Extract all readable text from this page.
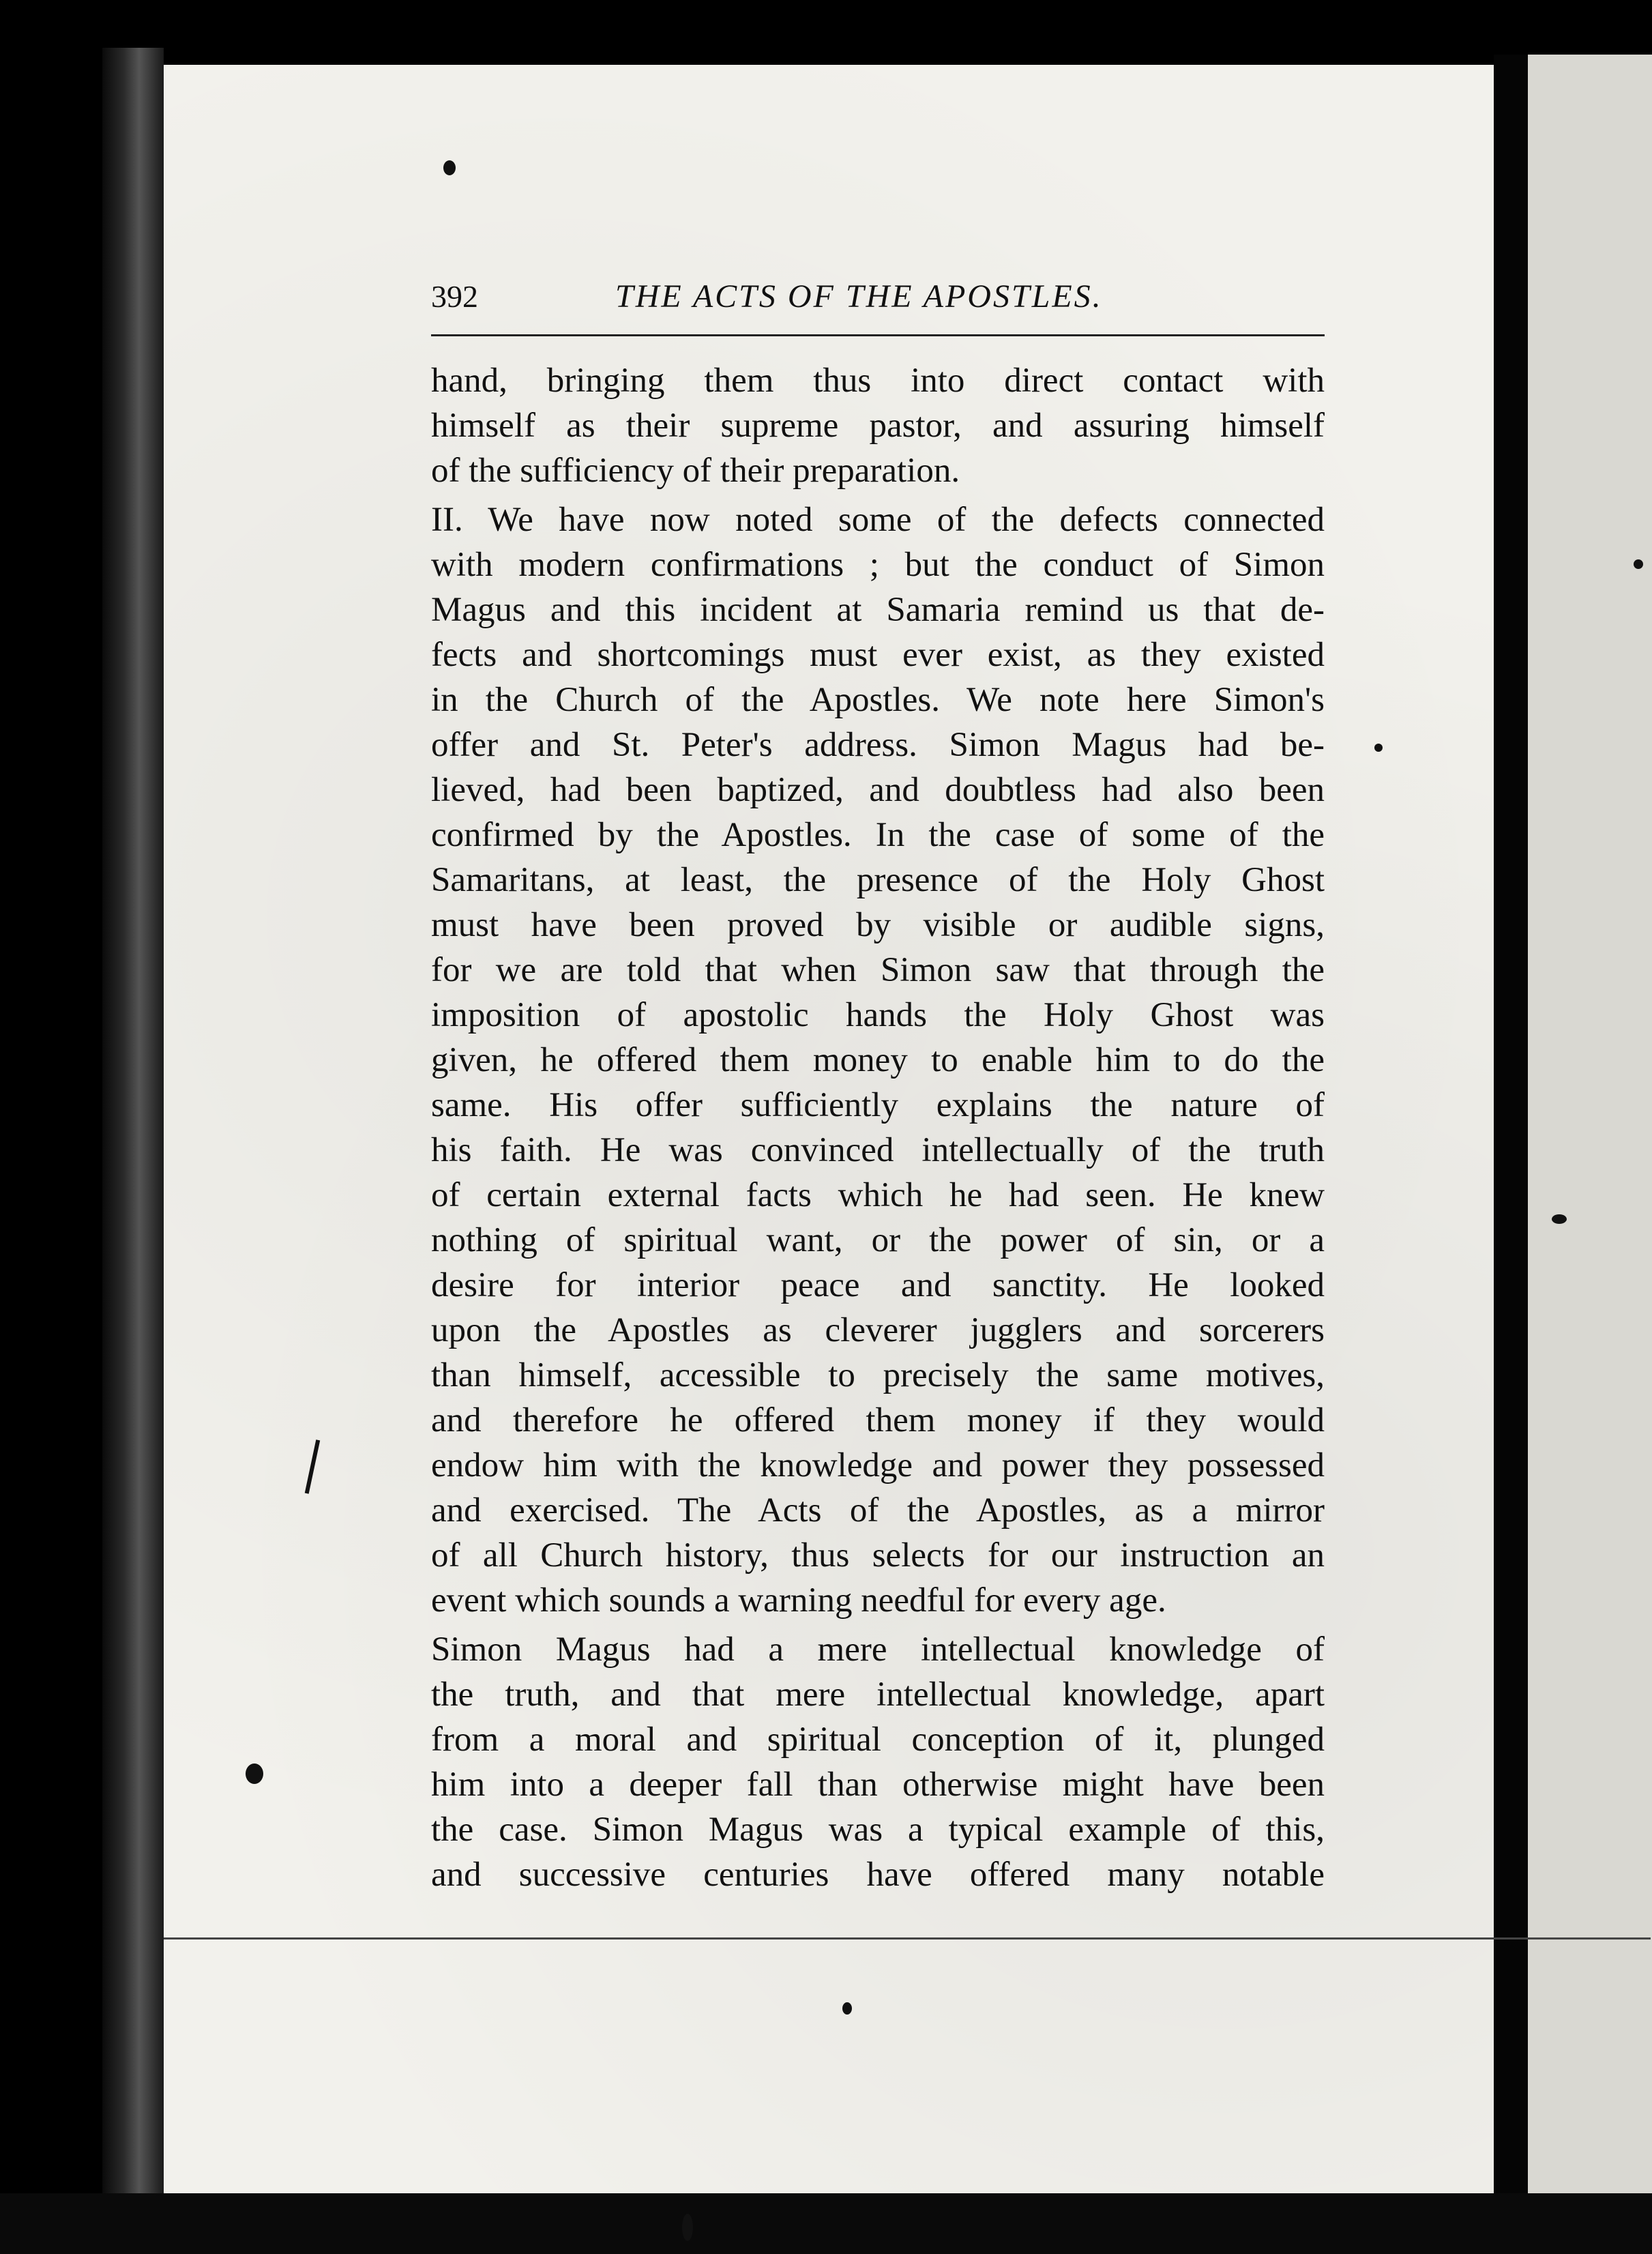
392	THE ACTS OF THE APOSTLES.
hand, bringing them thus into direct contact with
himself as their supreme pastor, and assuring himself
of the sufficiency of their preparation.
II. We have now noted some of the defects connected
with modern confirmations ; but the conduct of Simon
Magus and this incident at Samaria remind us that de-
fects and shortcomings must ever exist, as they existed
in the Church of the Apostles. We note here Simon's
offer and St. Peter's address. Simon Magus had be-
lieved, had been baptized, and doubtless had also been
confirmed by the Apostles. In the case of some of the
Samaritans, at least, the presence of the Holy Ghost
must have been proved by visible or audible signs,
for we are told that when Simon saw that through the
imposition of apostolic hands the Holy Ghost was
given, he offered them money to enable him to do the
same. His offer sufficiently explains the nature of
his faith. He was convinced intellectually of the truth
of certain external facts which he had seen. He knew
nothing of spiritual want, or the power of sin, or a
desire for interior peace and sanctity. He looked
upon the Apostles as cleverer jugglers and sorcerers
than himself, accessible to precisely the same motives,
and therefore he offered them money if they would
endow him with the knowledge and power they possessed
and exercised. The Acts of the Apostles, as a mirror
of all Church history, thus selects for our instruction an
event which sounds a warning needful for every age.
Simon Magus had a mere intellectual knowledge of
the truth, and that mere intellectual knowledge, apart
from a moral and spiritual conception of it, plunged
him into a deeper fall than otherwise might have been
the case. Simon Magus was a typical example of this,
and successive centuries have offered many notable
